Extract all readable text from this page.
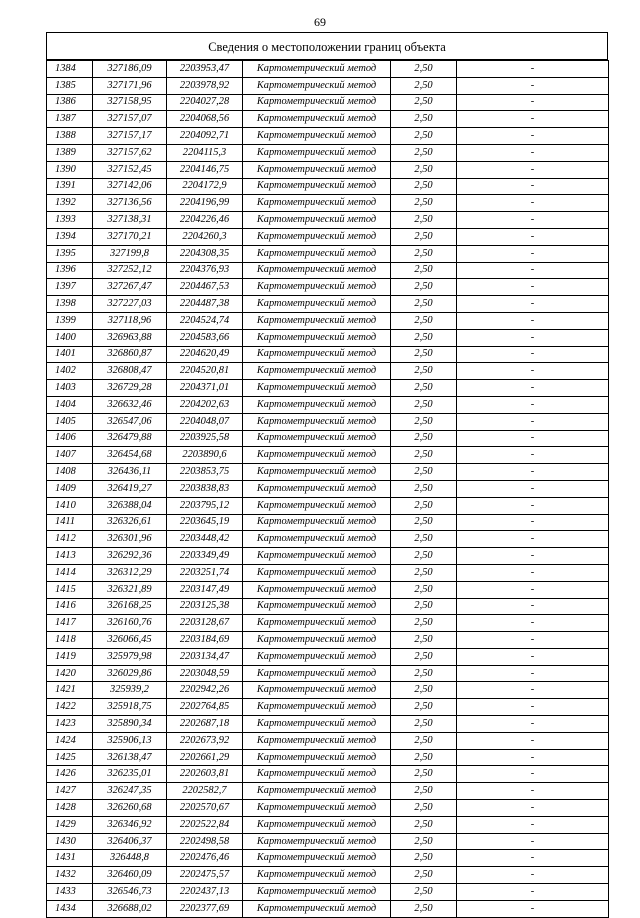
69
Сведения о местоположении границ объекта
1384	327186,09	2203953,47	Картометрический метод	2,50	-
1385	327171,96	2203978,92	Картометрический метод	2,50	-
1386	327158,95	2204027,28	Картометрический метод	2,50	-
1387	327157,07	2204068,56	Картометрический метод	2,50	-
1388	327157,17	2204092,71	Картометрический метод	2,50	-
1389	327157,62	2204115,3	Картометрический метод	2,50	-
1390	327152,45	2204146,75	Картометрический метод	2,50	-
1391	327142,06	2204172,9	Картометрический метод	2,50	-
1392	327136,56	2204196,99	Картометрический метод	2,50	-
1393	327138,31	2204226,46	Картометрический метод	2,50	-
1394	327170,21	2204260,3	Картометрический метод	2,50	-
1395	327199,8	2204308,35	Картометрический метод	2,50	-
1396	327252,12	2204376,93	Картометрический метод	2,50	-
1397	327267,47	2204467,53	Картометрический метод	2,50	-
1398	327227,03	2204487,38	Картометрический метод	2,50	-
1399	327118,96	2204524,74	Картометрический метод	2,50	-
1400	326963,88	2204583,66	Картометрический метод	2,50	-
1401	326860,87	2204620,49	Картометрический метод	2,50	-
1402	326808,47	2204520,81	Картометрический метод	2,50	-
1403	326729,28	2204371,01	Картометрический метод	2,50	-
1404	326632,46	2204202,63	Картометрический метод	2,50	-
1405	326547,06	2204048,07	Картометрический метод	2,50	-
1406	326479,88	2203925,58	Картометрический метод	2,50	-
1407	326454,68	2203890,6	Картометрический метод	2,50	-
1408	326436,11	2203853,75	Картометрический метод	2,50	-
1409	326419,27	2203838,83	Картометрический метод	2,50	-
1410	326388,04	2203795,12	Картометрический метод	2,50	-
1411	326326,61	2203645,19	Картометрический метод	2,50	-
1412	326301,96	2203448,42	Картометрический метод	2,50	-
1413	326292,36	2203349,49	Картометрический метод	2,50	-
1414	326312,29	2203251,74	Картометрический метод	2,50	-
1415	326321,89	2203147,49	Картометрический метод	2,50	-
1416	326168,25	2203125,38	Картометрический метод	2,50	-
1417	326160,76	2203128,67	Картометрический метод	2,50	-
1418	326066,45	2203184,69	Картометрический метод	2,50	-
1419	325979,98	2203134,47	Картометрический метод	2,50	-
1420	326029,86	2203048,59	Картометрический метод	2,50	-
1421	325939,2	2202942,26	Картометрический метод	2,50	-
1422	325918,75	2202764,85	Картометрический метод	2,50	-
1423	325890,34	2202687,18	Картометрический метод	2,50	-
1424	325906,13	2202673,92	Картометрический метод	2,50	-
1425	326138,47	2202661,29	Картометрический метод	2,50	-
1426	326235,01	2202603,81	Картометрический метод	2,50	-
1427	326247,35	2202582,7	Картометрический метод	2,50	-
1428	326260,68	2202570,67	Картометрический метод	2,50	-
1429	326346,92	2202522,84	Картометрический метод	2,50	-
1430	326406,37	2202498,58	Картометрический метод	2,50	-
1431	326448,8	2202476,46	Картометрический метод	2,50	-
1432	326460,09	2202475,57	Картометрический метод	2,50	-
1433	326546,73	2202437,13	Картометрический метод	2,50	-
1434	326688,02	2202377,69	Картометрический метод	2,50	-
